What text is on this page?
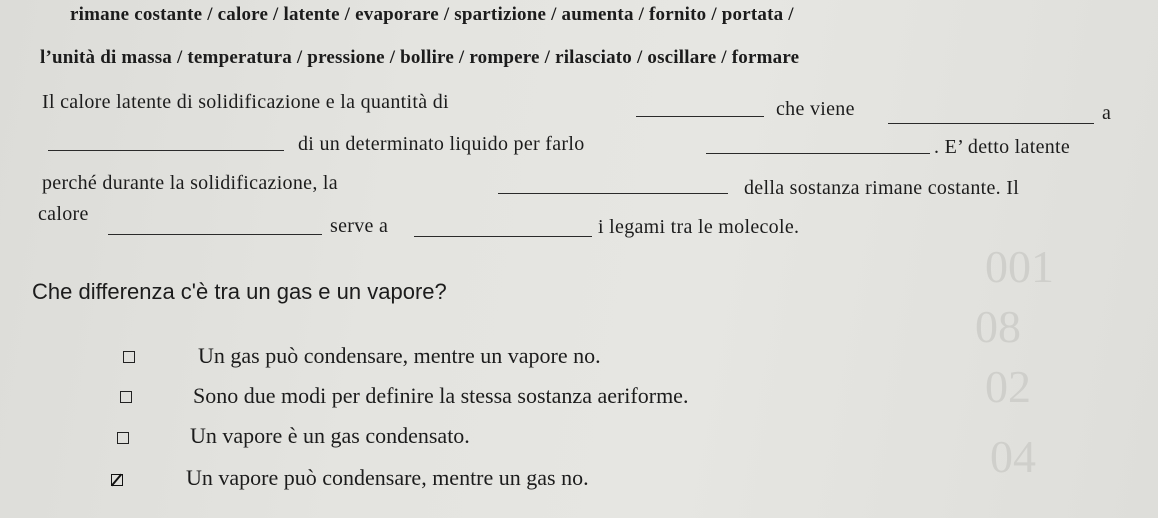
001
08
02
04
rimane costante / calore / latente / evaporare / spartizione / aumenta / fornito / portata /
l’unità di massa / temperatura / pressione / bollire / rompere / rilasciato / oscillare / formare
Il calore latente di solidificazione e la quantità di	che viene	a
di un determinato liquido per farlo	. E’ detto latente
perché durante la solidificazione, la	della sostanza rimane costante. Il
calore
serve a	i legami tra le molecole.
Che differenza c'è tra un gas e un vapore?
Un gas può condensare, mentre un vapore no.
Sono due modi per definire la stessa sostanza aeriforme.
Un vapore è un gas condensato.
Un vapore può condensare, mentre un gas no.
